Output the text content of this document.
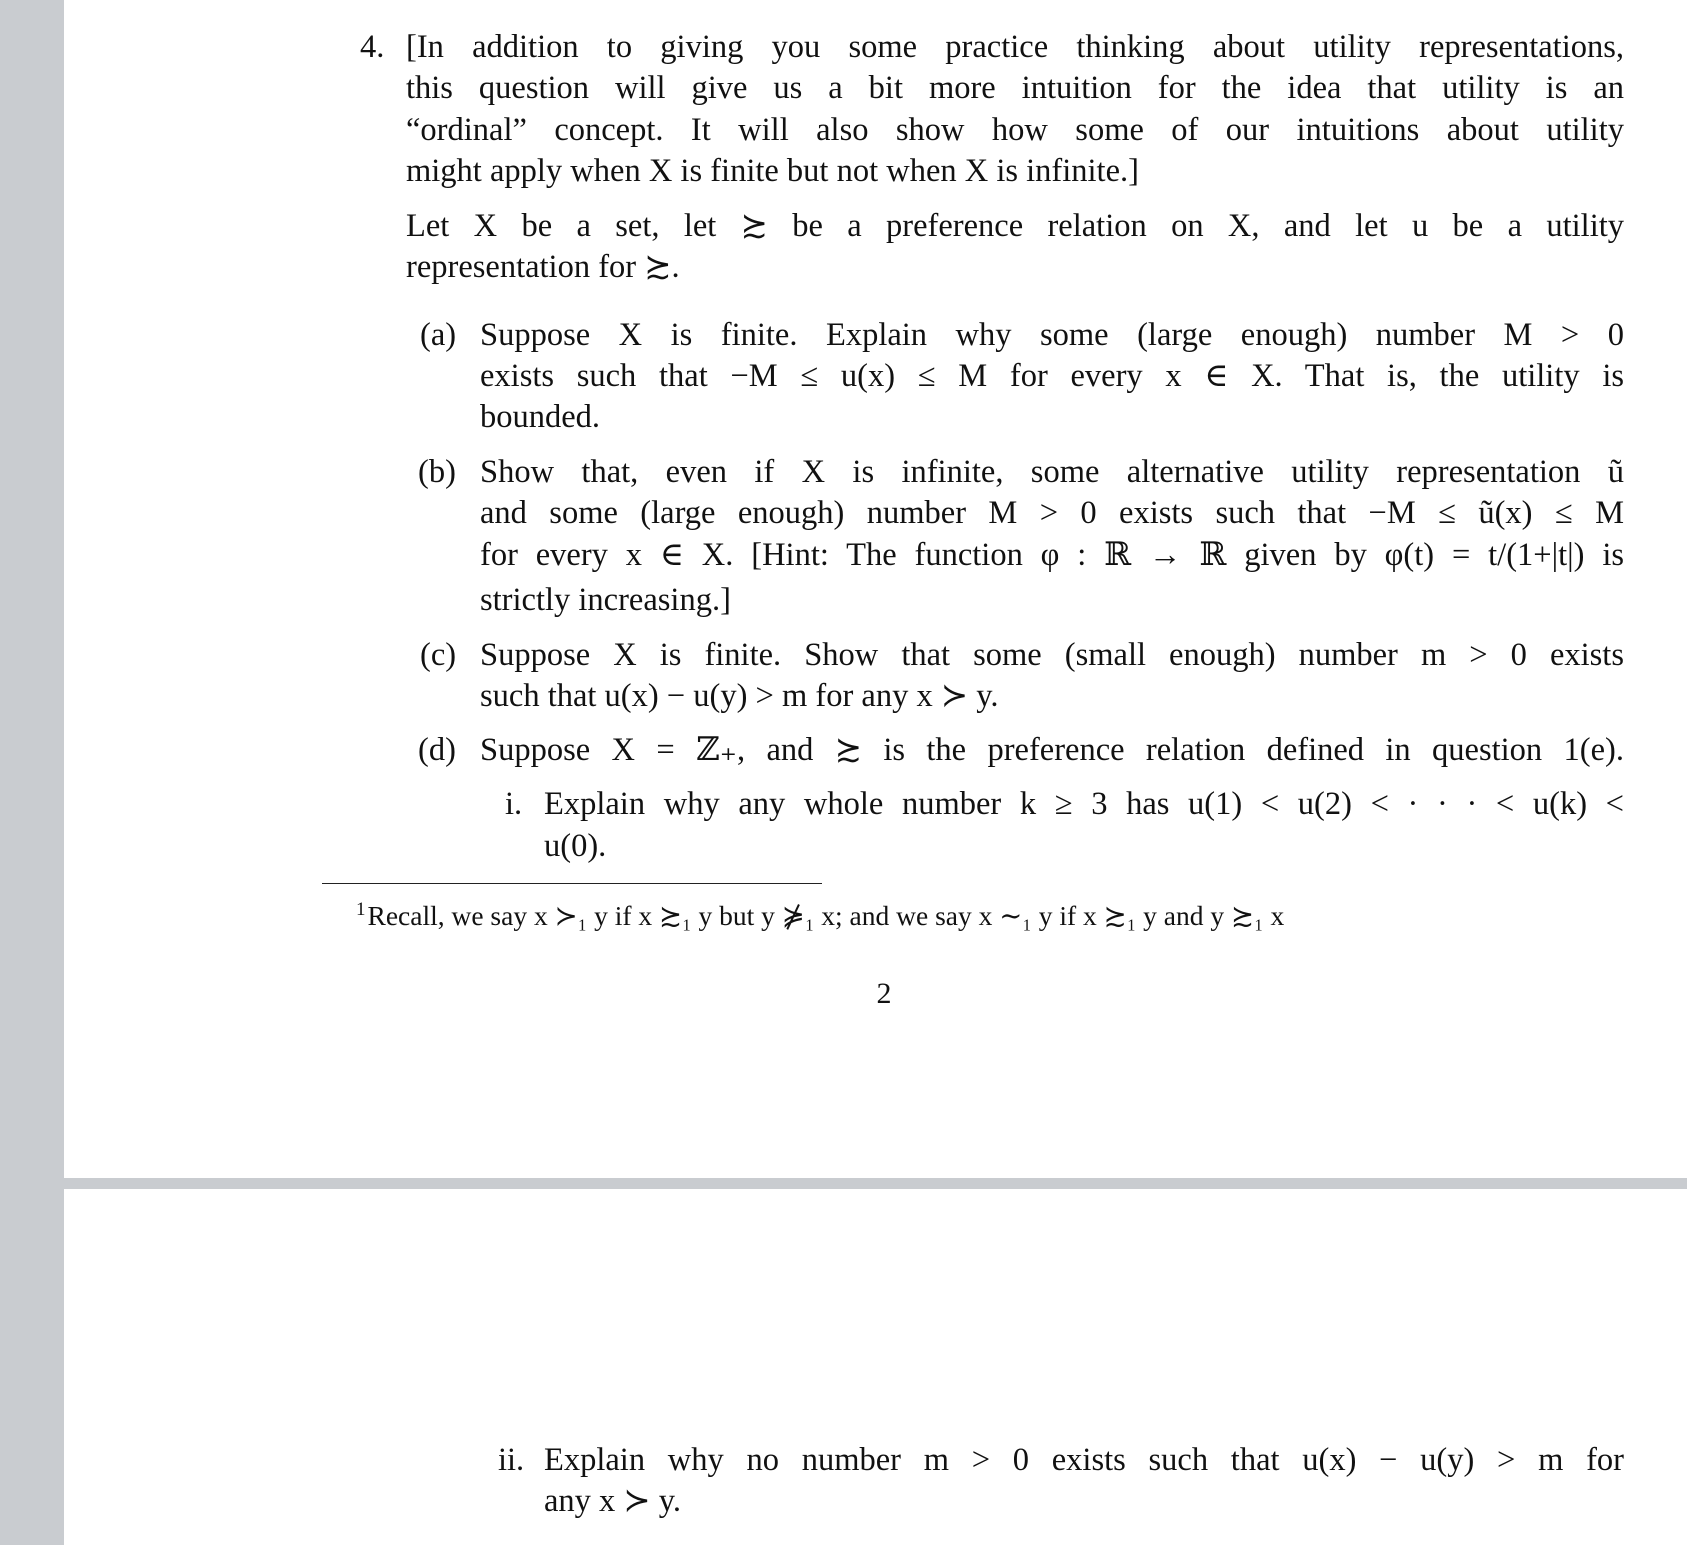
4. [In addition to giving you some practice thinking about utility representations,

this question will give us a bit more intuition for the idea that utility is an

“ordinal” concept. It will also show how some of our intuitions about utility

might apply when X is finite but not when X is infinite.]

Let X be a set, let ≿ be a preference relation on X, and let u be a utility

representation for ≿.

(a) Suppose X is finite. Explain why some (large enough) number M > 0

exists such that −M ≤ u(x) ≤ M for every x ∈ X. That is, the utility is

bounded.

(b) Show that, even if X is infinite, some alternative utility representation ũ

and some (large enough) number M > 0 exists such that −M ≤ ũ(x) ≤ M

for every x ∈ X. [Hint: The function φ : ℝ → ℝ given by φ(t) = t/(1+|t|) is

strictly increasing.]

(c) Suppose X is finite. Show that some (small enough) number m > 0 exists

such that u(x) − u(y) > m for any x ≻ y.

(d) Suppose X = ℤ₊, and ≿ is the preference relation defined in question 1(e).

i. Explain why any whole number k ≥ 3 has u(1) < u(2) < · · · < u(k) <

u(0).

$^1$Recall, we say x ≻₁ y if x ≿₁ y but y ⋡₁ x; and we say x ∼₁ y if x ≿₁ y and y ≿₁ x

2

ii. Explain why no number m > 0 exists such that u(x) − u(y) > m for

any x ≻ y.
